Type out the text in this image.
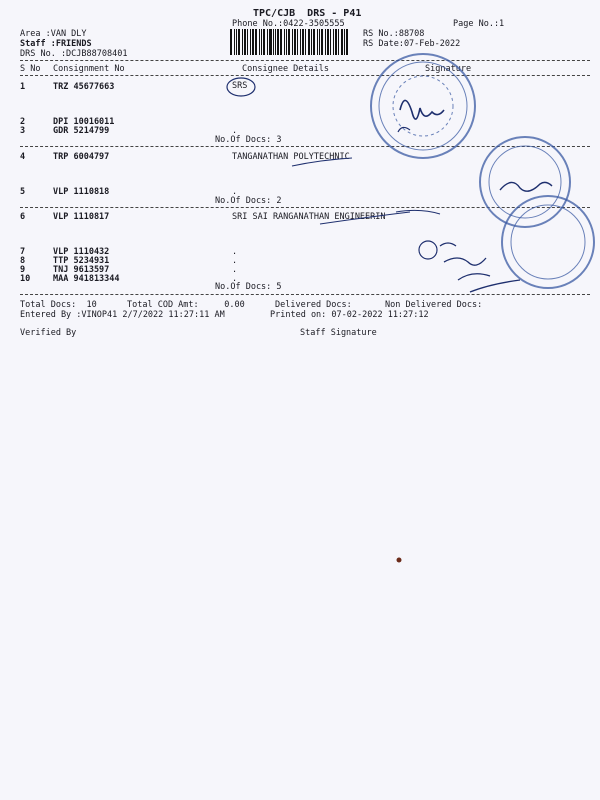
TPC/CJB  DRS - P41
Phone No.:0422-3505555	Page No.:1
Area :VAN DLY
Staff :FRIENDS
DRS No. :DCJB88708401
RS No.:88708
RS Date:07-Feb-2022
S No Consignment No	Consignee Details	Signature
1	TRZ 45677663	SRS
2	DPI 10016011
3	GDR 5214799	.
No.Of Docs: 3
4	TRP 6004797	TANGANATHAN POLYTECHNIC
5	VLP 1110818	.
No.Of Docs: 2
6	VLP 1110817	SRI SAI RANGANATHAN ENGINEERIN
7	VLP 1110432	.
8	TTP 5234931	.
9	TNJ 9613597	.
10	MAA 941813344	.
No.Of Docs: 5
Total Docs:  10	Total COD Amt:     0.00	Delivered Docs:	Non Delivered Docs:
Entered By :VINOP41 2/7/2022 11:27:11 AM	Printed on: 07-02-2022 11:27:12
Verified By	Staff Signature
